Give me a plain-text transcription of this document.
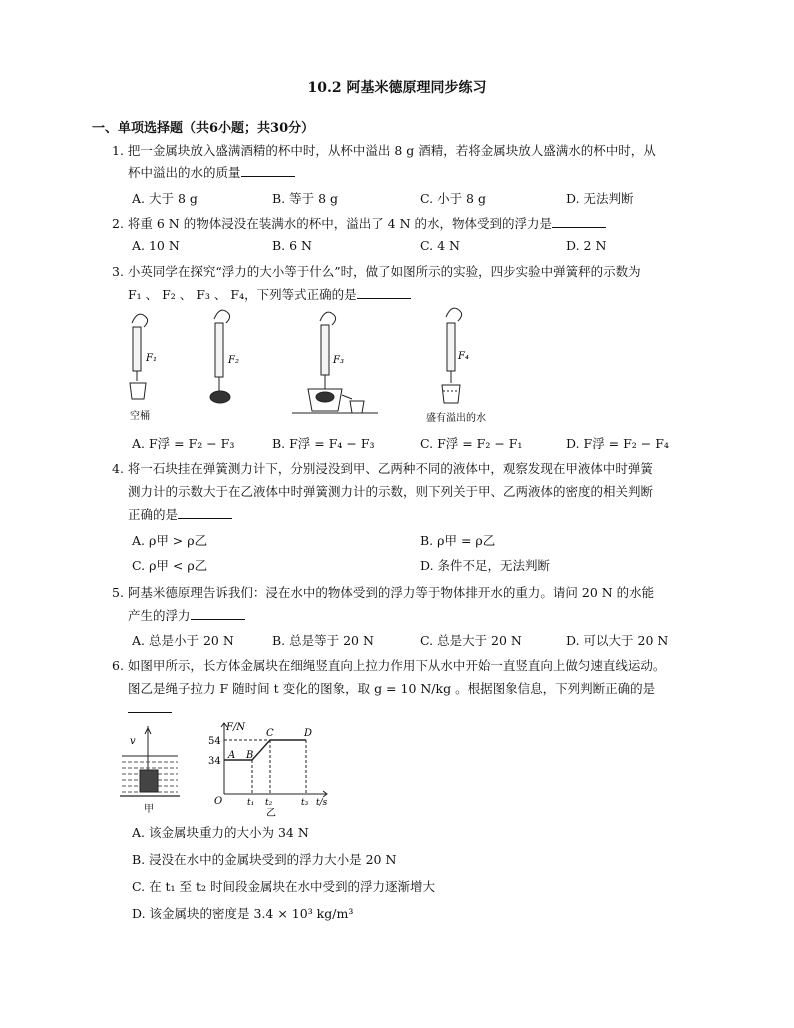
10.2 阿基米德原理同步练习
一、单项选择题（共6小题；共30分）
1. 把一金属块放入盛满酒精的杯中时，从杯中溢出 8 g 酒精，若将金属块放人盛满水的杯中时，从
杯中溢出的水的质量
A. 大于 8 g	B. 等于 8 g	C. 小于 8 g	D. 无法判断
2. 将重 6 N 的物体浸没在装满水的杯中，溢出了 4 N 的水，物体受到的浮力是
A. 10 N	B. 6 N	C. 4 N	D. 2 N
3. 小英同学在探究“浮力的大小等于什么”时，做了如图所示的实验，四步实验中弹簧秤的示数为
F₁ 、 F₂ 、 F₃ 、 F₄，下列等式正确的是
F₁
空桶
F₂	F₃	F₄
盛有溢出的水
A. F浮 = F₂ − F₃	B. F浮 = F₄ − F₃	C. F浮 = F₂ − F₁	D. F浮 = F₂ − F₄
4. 将一石块挂在弹簧测力计下，分别浸没到甲、乙两种不同的液体中，观察发现在甲液体中时弹簧
测力计的示数大于在乙液体中时弹簧测力计的示数，则下列关于甲、乙两液体的密度的相关判断
正确的是
A. ρ甲 > ρ乙	B. ρ甲 = ρ乙
C. ρ甲 < ρ乙	D. 条件不足，无法判断
5. 阿基米德原理告诉我们：浸在水中的物体受到的浮力等于物体排开水的重力。请问 20 N 的水能
产生的浮力
A. 总是小于 20 N	B. 总是等于 20 N	C. 总是大于 20 N	D. 可以大于 20 N
6. 如图甲所示，长方体金属块在细绳竖直向上拉力作用下从水中开始一直竖直向上做匀速直线运动。
图乙是绳子拉力 F 随时间 t 变化的图象，取 g = 10 N/kg 。根据图象信息，下列判断正确的是
v
甲
F/N
54
34
A B
C	D
O	t₁ t₂	t₃ t/s
乙
A. 该金属块重力的大小为 34 N
B. 浸没在水中的金属块受到的浮力大小是 20 N
C. 在 t₁ 至 t₂ 时间段金属块在水中受到的浮力逐渐增大
D. 该金属块的密度是 3.4 × 10³ kg/m³
